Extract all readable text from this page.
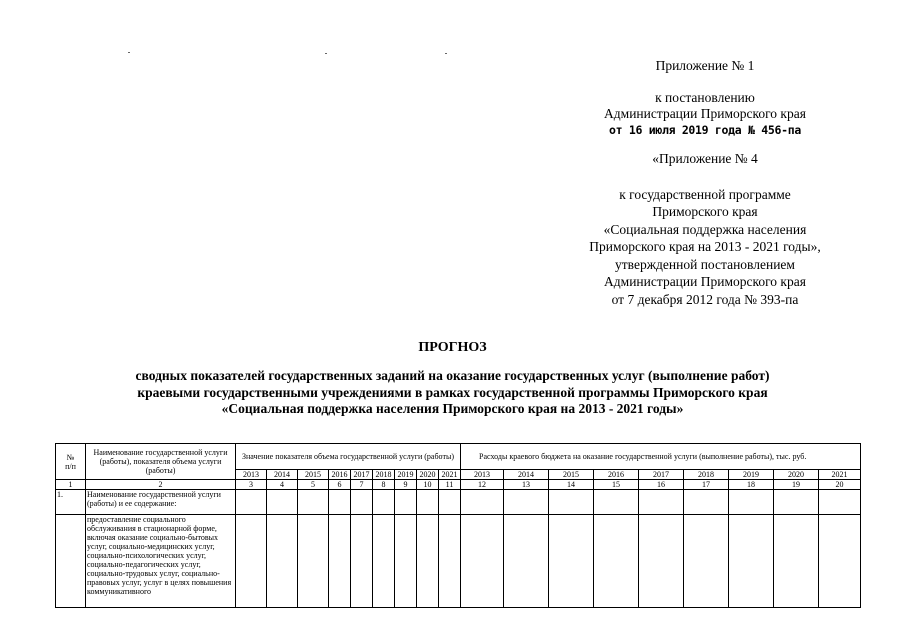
Приложение № 1
к постановлению
Администрации Приморского края
от 16 июля 2019 года № 456-па
«Приложение № 4
к государственной программе
Приморского края
«Социальная поддержка населения
Приморского края на 2013 - 2021 годы»,
утвержденной постановлением
Администрации Приморского края
от 7 декабря 2012 года № 393-па
ПРОГНОЗ
сводных показателей государственных заданий на оказание государственных услуг (выполнение работ)
краевыми государственными учреждениями в рамках государственной программы Приморского края
«Социальная поддержка населения Приморского края на 2013 - 2021 годы»
№
п/п	Наименование государственной услуги (работы), показателя объема услуги (работы)	Значение показателя объема государственной услуги (работы)									Расходы краевого бюджета на оказание государственной услуги (выполнение работы), тыс. руб.								
		2013	2014	2015	2016	2017	2018	2019	2020	2021	2013	2014	2015	2016	2017	2018	2019	2020	2021
1	2	3	4	5	6	7	8	9	10	11	12	13	14	15	16	17	18	19	20
1.	Наименование государственной услуги (работы) и ее содержание:																		
	предоставление социального обслуживания в стационарной форме, включая оказание социально-бытовых услуг, социально-медицинских услуг, социально-психологических услуг, социально-педагогических услуг, социально-трудовых услуг, социально-правовых услуг, услуг в целях повышения коммуникативного																		
